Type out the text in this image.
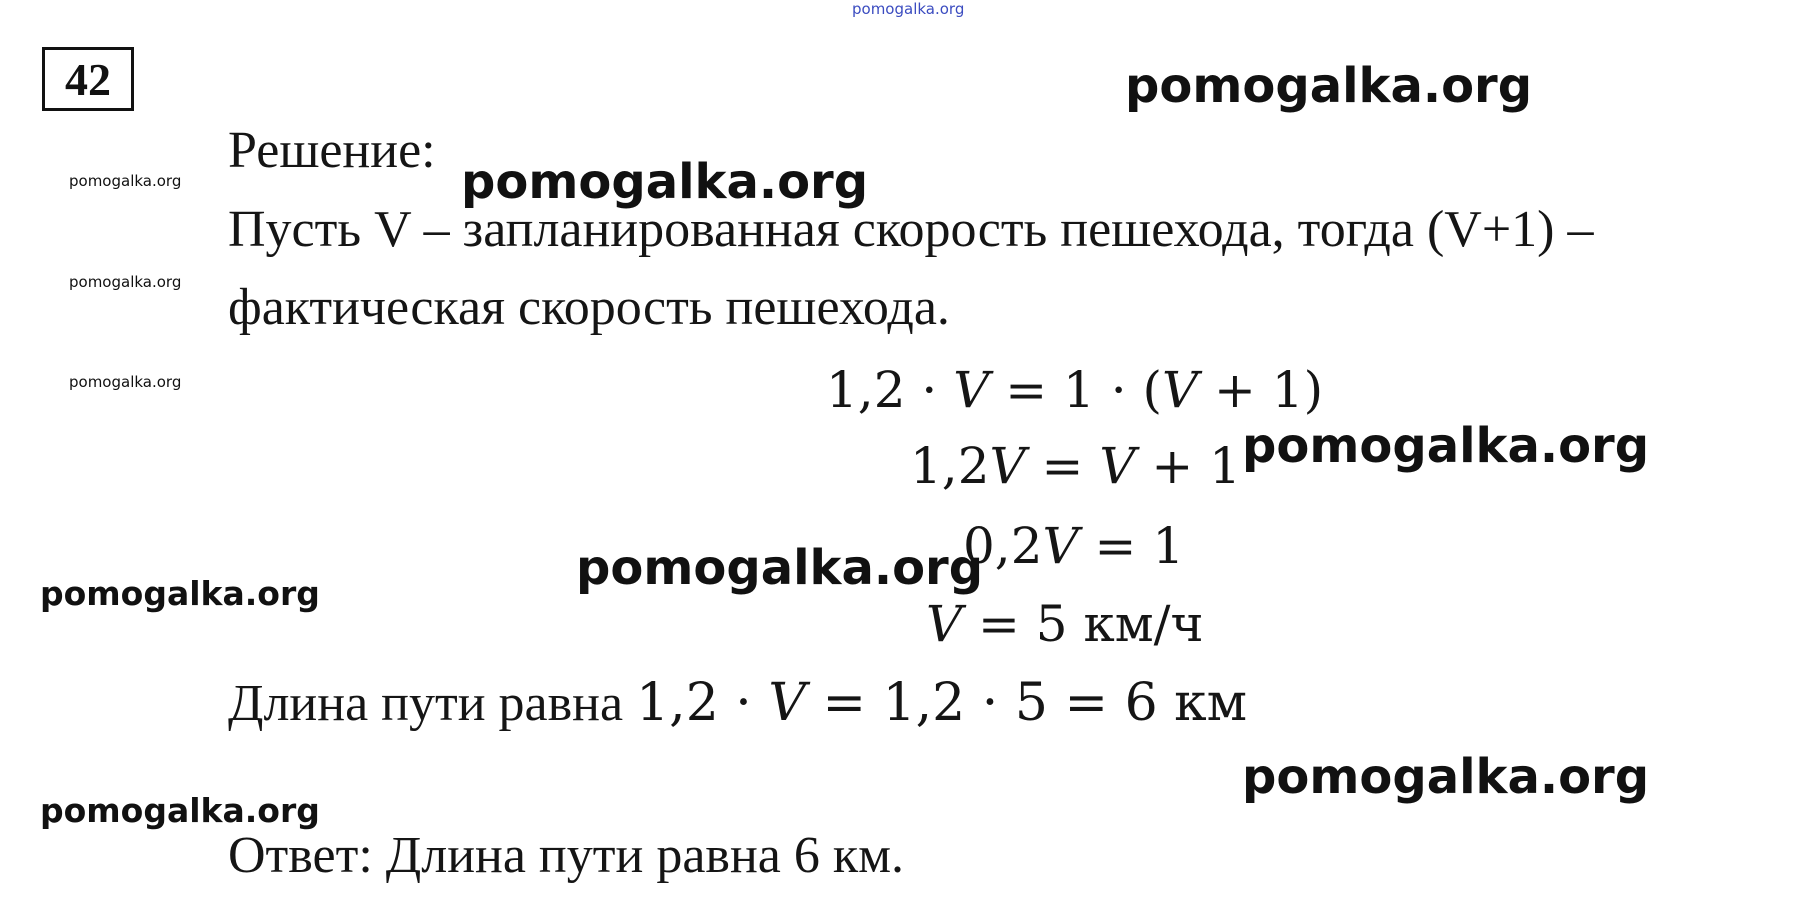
pomogalka.org
42	pomogalka.org
Решение:
pomogalka.org
pomogalka.org
Пусть V – запланированная скорость пешехода, тогда (V+1) –
pomogalka.org фактическая скорость пешехода.
pomogalka.org	1,2 · V = 1 · (V + 1)
1,2V = V + 1 pomogalka.org
0,2V = 1
pomogalka.org
pomogalka.org
V = 5 км/ч
Длина пути равна 1,2 · V = 1,2 · 5 = 6 км
pomogalka.org
pomogalka.org
Ответ: Длина пути равна 6 км.
